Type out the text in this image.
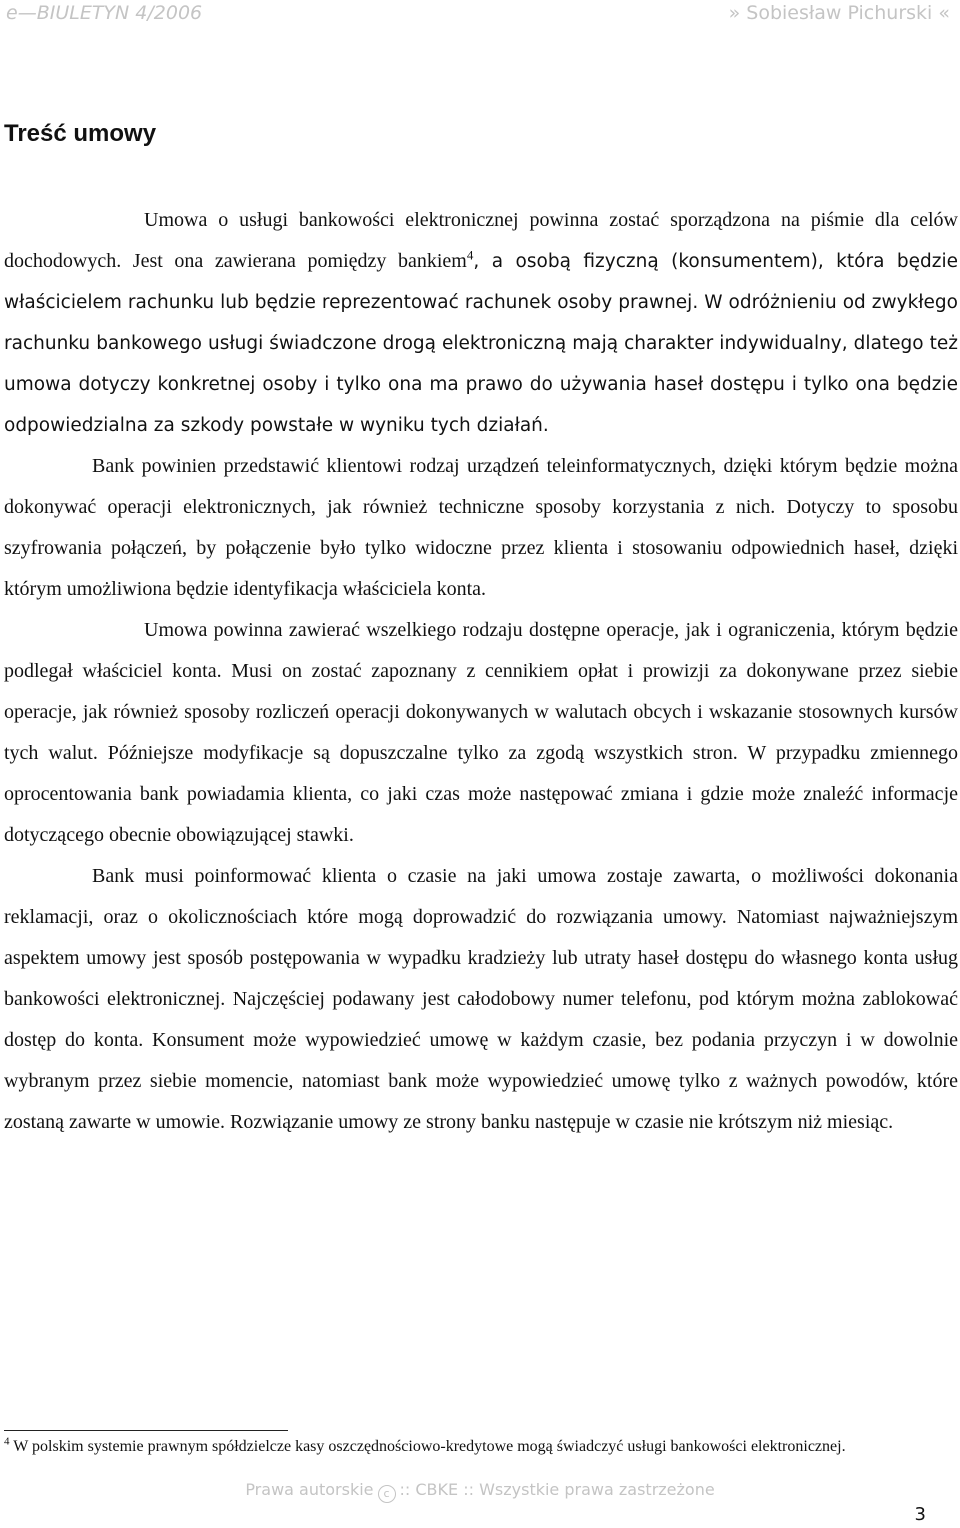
e—BIULETYN 4/2006	» Sobiesław Pichurski «
Treść umowy

Umowa o usługi bankowości elektronicznej powinna zostać sporządzona na piśmie dla celów dochodowych. Jest ona zawierana pomiędzy bankiem$^4$, a osobą fizyczną (konsumentem), która będzie właścicielem rachunku lub będzie reprezentować rachunek osoby prawnej. W odróżnieniu od zwykłego rachunku bankowego usługi świadczone drogą elektroniczną mają charakter indywidualny, dlatego też umowa dotyczy konkretnej osoby i tylko ona ma prawo do używania haseł dostępu i tylko ona będzie odpowiedzialna za szkody powstałe w wyniku tych działań.

Bank powinien przedstawić klientowi rodzaj urządzeń teleinformatycznych, dzięki którym będzie można dokonywać operacji elektronicznych, jak również techniczne sposoby korzystania z nich. Dotyczy to sposobu szyfrowania połączeń, by połączenie było tylko widoczne przez klienta i stosowaniu odpowiednich haseł, dzięki którym umożliwiona będzie identyfikacja właściciela konta.

Umowa powinna zawierać wszelkiego rodzaju dostępne operacje, jak i ograniczenia, którym będzie podlegał właściciel konta. Musi on zostać zapoznany z cennikiem opłat i prowizji za dokonywane przez siebie operacje, jak również sposoby rozliczeń operacji dokonywanych w walutach obcych i wskazanie stosownych kursów tych walut. Późniejsze modyfikacje są dopuszczalne tylko za zgodą wszystkich stron. W przypadku zmiennego oprocentowania bank powiadamia klienta, co jaki czas może następować zmiana i gdzie może znaleźć informacje dotyczącego obecnie obowiązującej stawki.

Bank musi poinformować klienta o czasie na jaki umowa zostaje zawarta, o możliwości dokonania reklamacji, oraz o okolicznościach które mogą doprowadzić do rozwiązania umowy. Natomiast najważniejszym aspektem umowy jest sposób postępowania w wypadku kradzieży lub utraty haseł dostępu do własnego konta usług bankowości elektronicznej. Najczęściej podawany jest całodobowy numer telefonu, pod którym można zablokować dostęp do konta. Konsument może wypowiedzieć umowę w każdym czasie, bez podania przyczyn i w dowolnie wybranym przez siebie momencie, natomiast bank może wypowiedzieć umowę tylko z ważnych powodów, które zostaną zawarte w umowie. Rozwiązanie umowy ze strony banku następuje w czasie nie krótszym niż miesiąc.

$^4$ W polskim systemie prawnym spółdzielcze kasy oszczędnościowo-kredytowe mogą świadczyć usługi bankowości elektronicznej.
Prawa autorskie c :: CBKE :: Wszystkie prawa zastrzeżone
3
